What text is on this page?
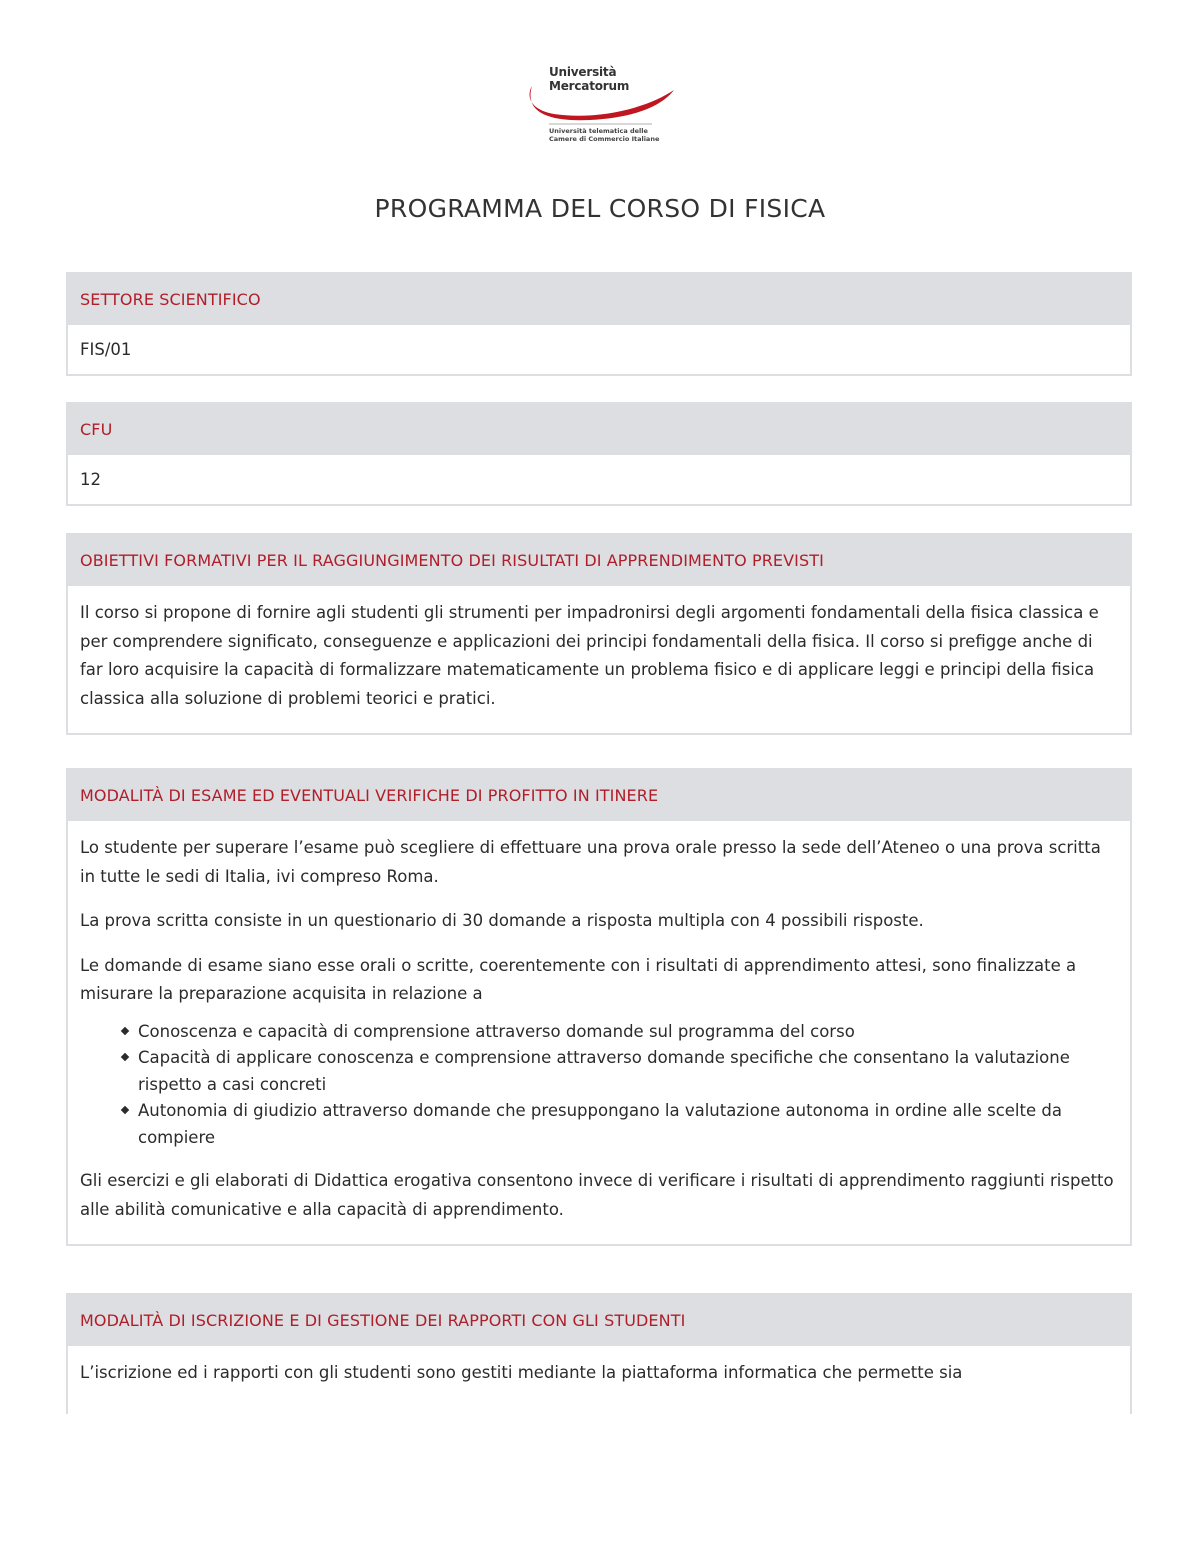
Università
Mercatorum
Università telematica delle
Camere di Commercio Italiane
PROGRAMMA DEL CORSO DI FISICA
SETTORE SCIENTIFICO
FIS/01
CFU
12
OBIETTIVI FORMATIVI PER IL RAGGIUNGIMENTO DEI RISULTATI DI APPRENDIMENTO PREVISTI
Il corso si propone di fornire agli studenti gli strumenti per impadronirsi degli argomenti fondamentali della fisica classica e per comprendere significato, conseguenze e applicazioni dei principi fondamentali della fisica. Il corso si prefigge anche di far loro acquisire la capacità di formalizzare matematicamente un problema fisico e di applicare leggi e principi della fisica classica alla soluzione di problemi teorici e pratici.
MODALITÀ DI ESAME ED EVENTUALI VERIFICHE DI PROFITTO IN ITINERE

Lo studente per superare l’esame può scegliere di effettuare una prova orale presso la sede dell’Ateneo o una prova scritta in tutte le sedi di Italia, ivi compreso Roma.

La prova scritta consiste in un questionario di 30 domande a risposta multipla con 4 possibili risposte.

Le domande di esame siano esse orali o scritte, coerentemente con i risultati di apprendimento attesi, sono finalizzate a misurare la preparazione acquisita in relazione a

Conoscenza e capacità di comprensione attraverso domande sul programma del corso
Capacità di applicare conoscenza e comprensione attraverso domande specifiche che consentano la valutazione rispetto a casi concreti
Autonomia di giudizio attraverso domande che presuppongano la valutazione autonoma in ordine alle scelte da compiere

Gli esercizi e gli elaborati di Didattica erogativa consentono invece di verificare i risultati di apprendimento raggiunti rispetto alle abilità comunicative e alla capacità di apprendimento.

MODALITÀ DI ISCRIZIONE E DI GESTIONE DEI RAPPORTI CON GLI STUDENTI
L’iscrizione ed i rapporti con gli studenti sono gestiti mediante la piattaforma informatica che permette sia
